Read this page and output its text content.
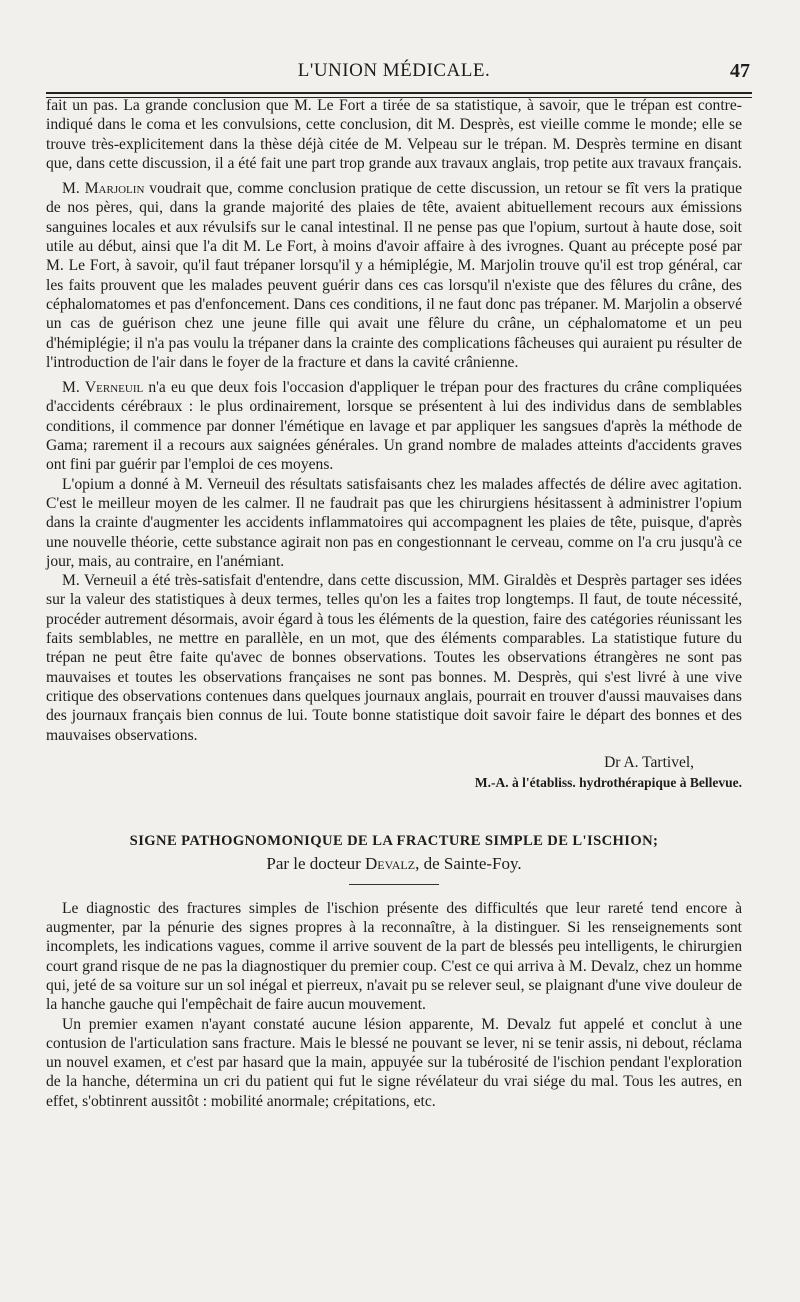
L'UNION MÉDICALE.	47

fait un pas. La grande conclusion que M. Le Fort a tirée de sa statistique, à savoir, que le trépan est contre-indiqué dans le coma et les convulsions, cette conclusion, dit M. Desprès, est vieille comme le monde; elle se trouve très-explicitement dans la thèse déjà citée de M. Velpeau sur le trépan. M. Desprès termine en disant que, dans cette discussion, il a été fait une part trop grande aux travaux anglais, trop petite aux travaux français.

M. Marjolin voudrait que, comme conclusion pratique de cette discussion, un retour se fît vers la pratique de nos pères, qui, dans la grande majorité des plaies de tête, avaient abituellement recours aux émissions sanguines locales et aux révulsifs sur le canal intestinal. Il ne pense pas que l'opium, surtout à haute dose, soit utile au début, ainsi que l'a dit M. Le Fort, à moins d'avoir affaire à des ivrognes. Quant au précepte posé par M. Le Fort, à savoir, qu'il faut trépaner lorsqu'il y a hémiplégie, M. Marjolin trouve qu'il est trop général, car les faits prouvent que les malades peuvent guérir dans ces cas lorsqu'il n'existe que des fêlures du crâne, des céphalomatomes et pas d'enfoncement. Dans ces conditions, il ne faut donc pas trépaner. M. Marjolin a observé un cas de guérison chez une jeune fille qui avait une fêlure du crâne, un céphalomatome et un peu d'hémiplégie; il n'a pas voulu la trépaner dans la crainte des complications fâcheuses qui auraient pu résulter de l'introduction de l'air dans le foyer de la fracture et dans la cavité crânienne.

M. Verneuil n'a eu que deux fois l'occasion d'appliquer le trépan pour des fractures du crâne compliquées d'accidents cérébraux : le plus ordinairement, lorsque se présentent à lui des individus dans de semblables conditions, il commence par donner l'émétique en lavage et par appliquer les sangsues d'après la méthode de Gama; rarement il a recours aux saignées générales. Un grand nombre de malades atteints d'accidents graves ont fini par guérir par l'emploi de ces moyens.

L'opium a donné à M. Verneuil des résultats satisfaisants chez les malades affectés de délire avec agitation. C'est le meilleur moyen de les calmer. Il ne faudrait pas que les chirurgiens hésitassent à administrer l'opium dans la crainte d'augmenter les accidents inflammatoires qui accompagnent les plaies de tête, puisque, d'après une nouvelle théorie, cette substance agirait non pas en congestionnant le cerveau, comme on l'a cru jusqu'à ce jour, mais, au contraire, en l'anémiant.

M. Verneuil a été très-satisfait d'entendre, dans cette discussion, MM. Giraldès et Desprès partager ses idées sur la valeur des statistiques à deux termes, telles qu'on les a faites trop longtemps. Il faut, de toute nécessité, procéder autrement désormais, avoir égard à tous les éléments de la question, faire des catégories réunissant les faits semblables, ne mettre en parallèle, en un mot, que des éléments comparables. La statistique future du trépan ne peut être faite qu'avec de bonnes observations. Toutes les observations étrangères ne sont pas mauvaises et toutes les observations françaises ne sont pas bonnes. M. Desprès, qui s'est livré à une vive critique des observations contenues dans quelques journaux anglais, pourrait en trouver d'aussi mauvaises dans des journaux français bien connus de lui. Toute bonne statistique doit savoir faire le départ des bonnes et des mauvaises observations.

Dr A. Tartivel,
M.-A. à l'établiss. hydrothérapique à Bellevue.
SIGNE PATHOGNOMONIQUE DE LA FRACTURE SIMPLE DE L'ISCHION;
Par le docteur Devalz, de Sainte-Foy.

Le diagnostic des fractures simples de l'ischion présente des difficultés que leur rareté tend encore à augmenter, par la pénurie des signes propres à la reconnaître, à la distinguer. Si les renseignements sont incomplets, les indications vagues, comme il arrive souvent de la part de blessés peu intelligents, le chirurgien court grand risque de ne pas la diagnostiquer du premier coup. C'est ce qui arriva à M. Devalz, chez un homme qui, jeté de sa voiture sur un sol inégal et pierreux, n'avait pu se relever seul, se plaignant d'une vive douleur de la hanche gauche qui l'empêchait de faire aucun mouvement.

Un premier examen n'ayant constaté aucune lésion apparente, M. Devalz fut appelé et conclut à une contusion de l'articulation sans fracture. Mais le blessé ne pouvant se lever, ni se tenir assis, ni debout, réclama un nouvel examen, et c'est par hasard que la main, appuyée sur la tubérosité de l'ischion pendant l'exploration de la hanche, détermina un cri du patient qui fut le signe révélateur du vrai siége du mal. Tous les autres, en effet, s'obtinrent aussitôt : mobilité anormale; crépitations, etc.
